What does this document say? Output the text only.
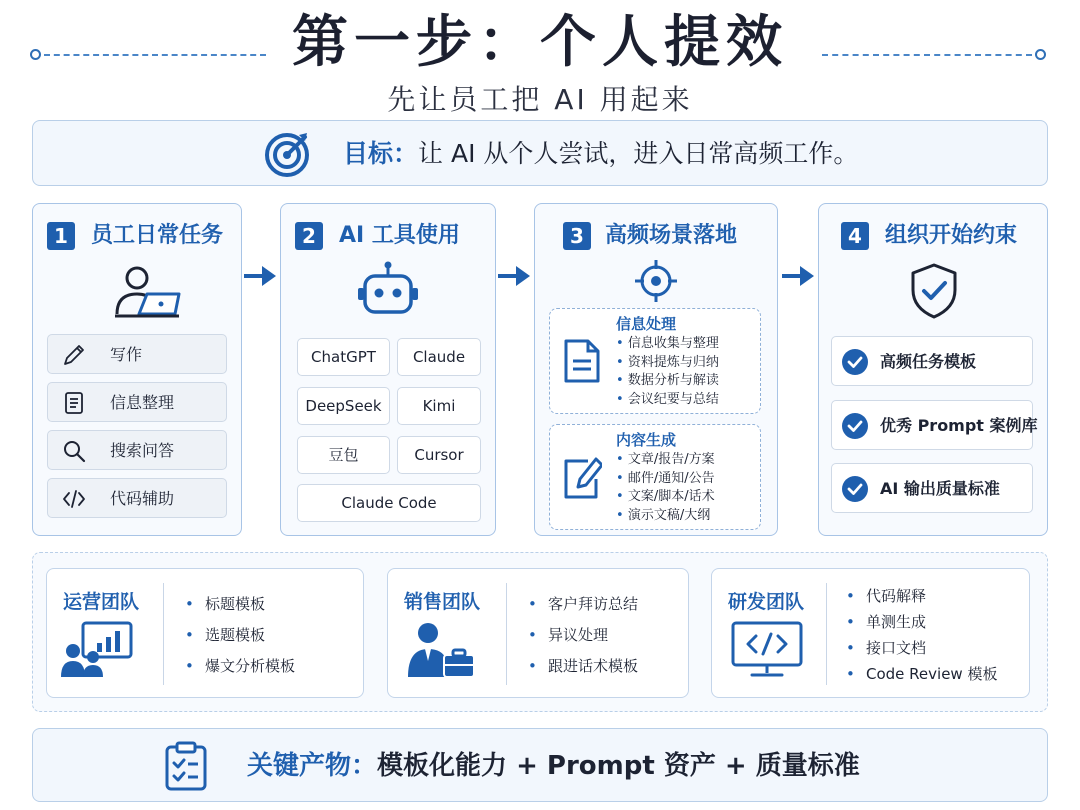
第一步：个人提效
先让员工把 AI 用起来
目标：让 AI 从个人尝试，进入日常高频工作。
1	员工日常任务
写作
信息整理
搜索问答
代码辅助
2	AI 工具使用
ChatGPT	Claude
DeepSeek	Kimi
豆包	Cursor
Claude Code
3 高频场景落地
信息处理
• 信息收集与整理
• 资料提炼与归纳
• 数据分析与解读
• 会议纪要与总结
内容生成
• 文章/报告/方案
• 邮件/通知/公告
• 文案/脚本/话术
• 演示文稿/大纲
4	组织开始约束
高频任务模板
优秀 Prompt 案例库
AI 输出质量标准
运营团队	• 标题模板
• 选题模板
• 爆文分析模板
销售团队	• 客户拜访总结
• 异议处理
• 跟进话术模板
研发团队	• 代码解释
• 单测生成
• 接口文档
• Code Review 模板
关键产物：模板化能力 + Prompt 资产 + 质量标准
